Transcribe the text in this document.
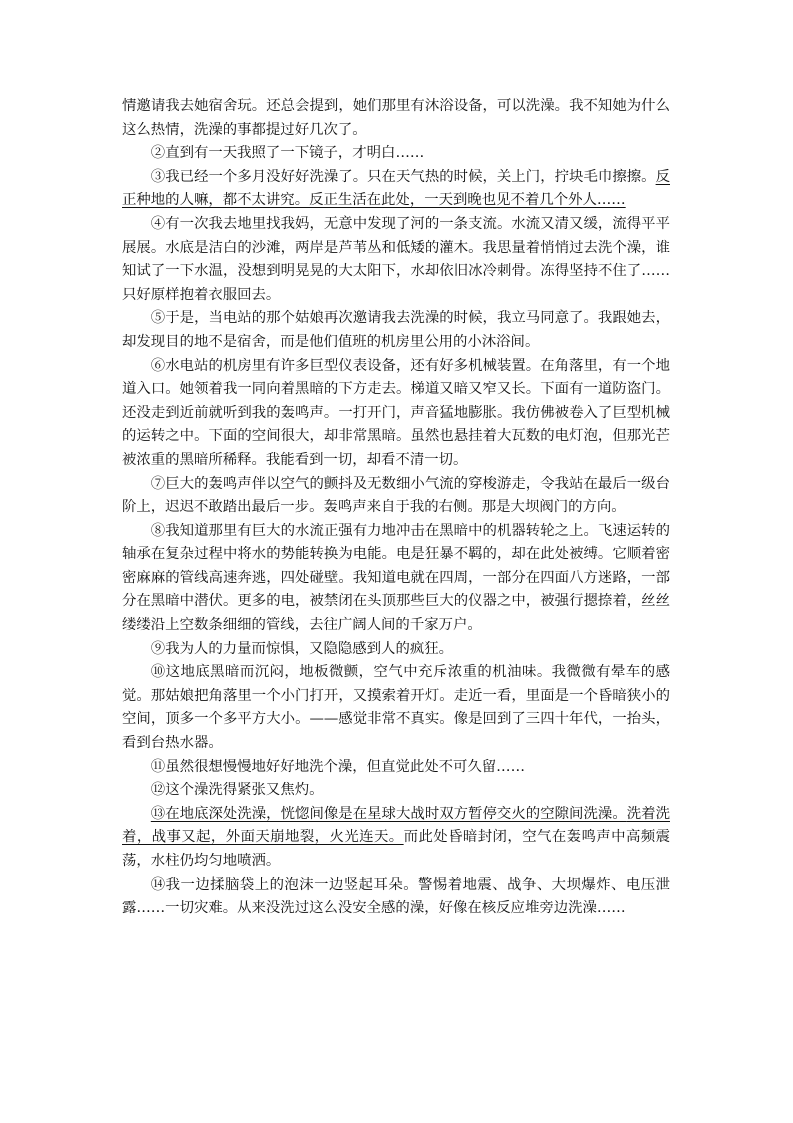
情邀请我去她宿舍玩。还总会提到，她们那里有沐浴设备，可以洗澡。我不知她为什么这么热情，洗澡的事都提过好几次了。

②直到有一天我照了一下镜子，才明白……

③我已经一个多月没好好洗澡了。只在天气热的时候，关上门，拧块毛巾擦擦。反正种地的人嘛，都不太讲究。反正生活在此处，一天到晚也见不着几个外人……

④有一次我去地里找我妈，无意中发现了河的一条支流。水流又清又缓，流得平平展展。水底是洁白的沙滩，两岸是芦苇丛和低矮的灌木。我思量着悄悄过去洗个澡，谁知试了一下水温，没想到明晃晃的大太阳下，水却依旧冰冷刺骨。冻得坚持不住了……只好原样抱着衣服回去。

⑤于是，当电站的那个姑娘再次邀请我去洗澡的时候，我立马同意了。我跟她去，却发现目的地不是宿舍，而是他们值班的机房里公用的小沐浴间。

⑥水电站的机房里有许多巨型仪表设备，还有好多机械装置。在角落里，有一个地道入口。她领着我一同向着黑暗的下方走去。梯道又暗又窄又长。下面有一道防盗门。还没走到近前就听到我的轰鸣声。一打开门，声音猛地膨胀。我仿佛被卷入了巨型机械的运转之中。下面的空间很大，却非常黑暗。虽然也悬挂着大瓦数的电灯泡，但那光芒被浓重的黑暗所稀释。我能看到一切，却看不清一切。

⑦巨大的轰鸣声伴以空气的颤抖及无数细小气流的穿梭游走，令我站在最后一级台阶上，迟迟不敢踏出最后一步。轰鸣声来自于我的右侧。那是大坝阀门的方向。

⑧我知道那里有巨大的水流正强有力地冲击在黑暗中的机器转轮之上。飞速运转的轴承在复杂过程中将水的势能转换为电能。电是狂暴不羁的，却在此处被缚。它顺着密密麻麻的管线高速奔逃，四处碰壁。我知道电就在四周，一部分在四面八方迷路，一部分在黑暗中潜伏。更多的电，被禁闭在头顶那些巨大的仪器之中，被强行摁捺着，丝丝缕缕沿上空数条细细的管线，去往广阔人间的千家万户。

⑨我为人的力量而惊惧，又隐隐感到人的疯狂。

⑩这地底黑暗而沉闷，地板微颤，空气中充斥浓重的机油味。我微微有晕车的感觉。那姑娘把角落里一个小门打开，又摸索着开灯。走近一看，里面是一个昏暗狭小的空间，顶多一个多平方大小。——感觉非常不真实。像是回到了三四十年代，一抬头，看到台热水器。

⑪虽然很想慢慢地好好地洗个澡，但直觉此处不可久留……

⑫这个澡洗得紧张又焦灼。

⑬在地底深处洗澡，恍惚间像是在星球大战时双方暂停交火的空隙间洗澡。洗着洗着，战事又起，外面天崩地裂，火光连天。而此处昏暗封闭，空气在轰鸣声中高频震荡，水柱仍均匀地喷洒。

⑭我一边揉脑袋上的泡沫一边竖起耳朵。警惕着地震、战争、大坝爆炸、电压泄露……一切灾难。从来没洗过这么没安全感的澡，好像在核反应堆旁边洗澡……
